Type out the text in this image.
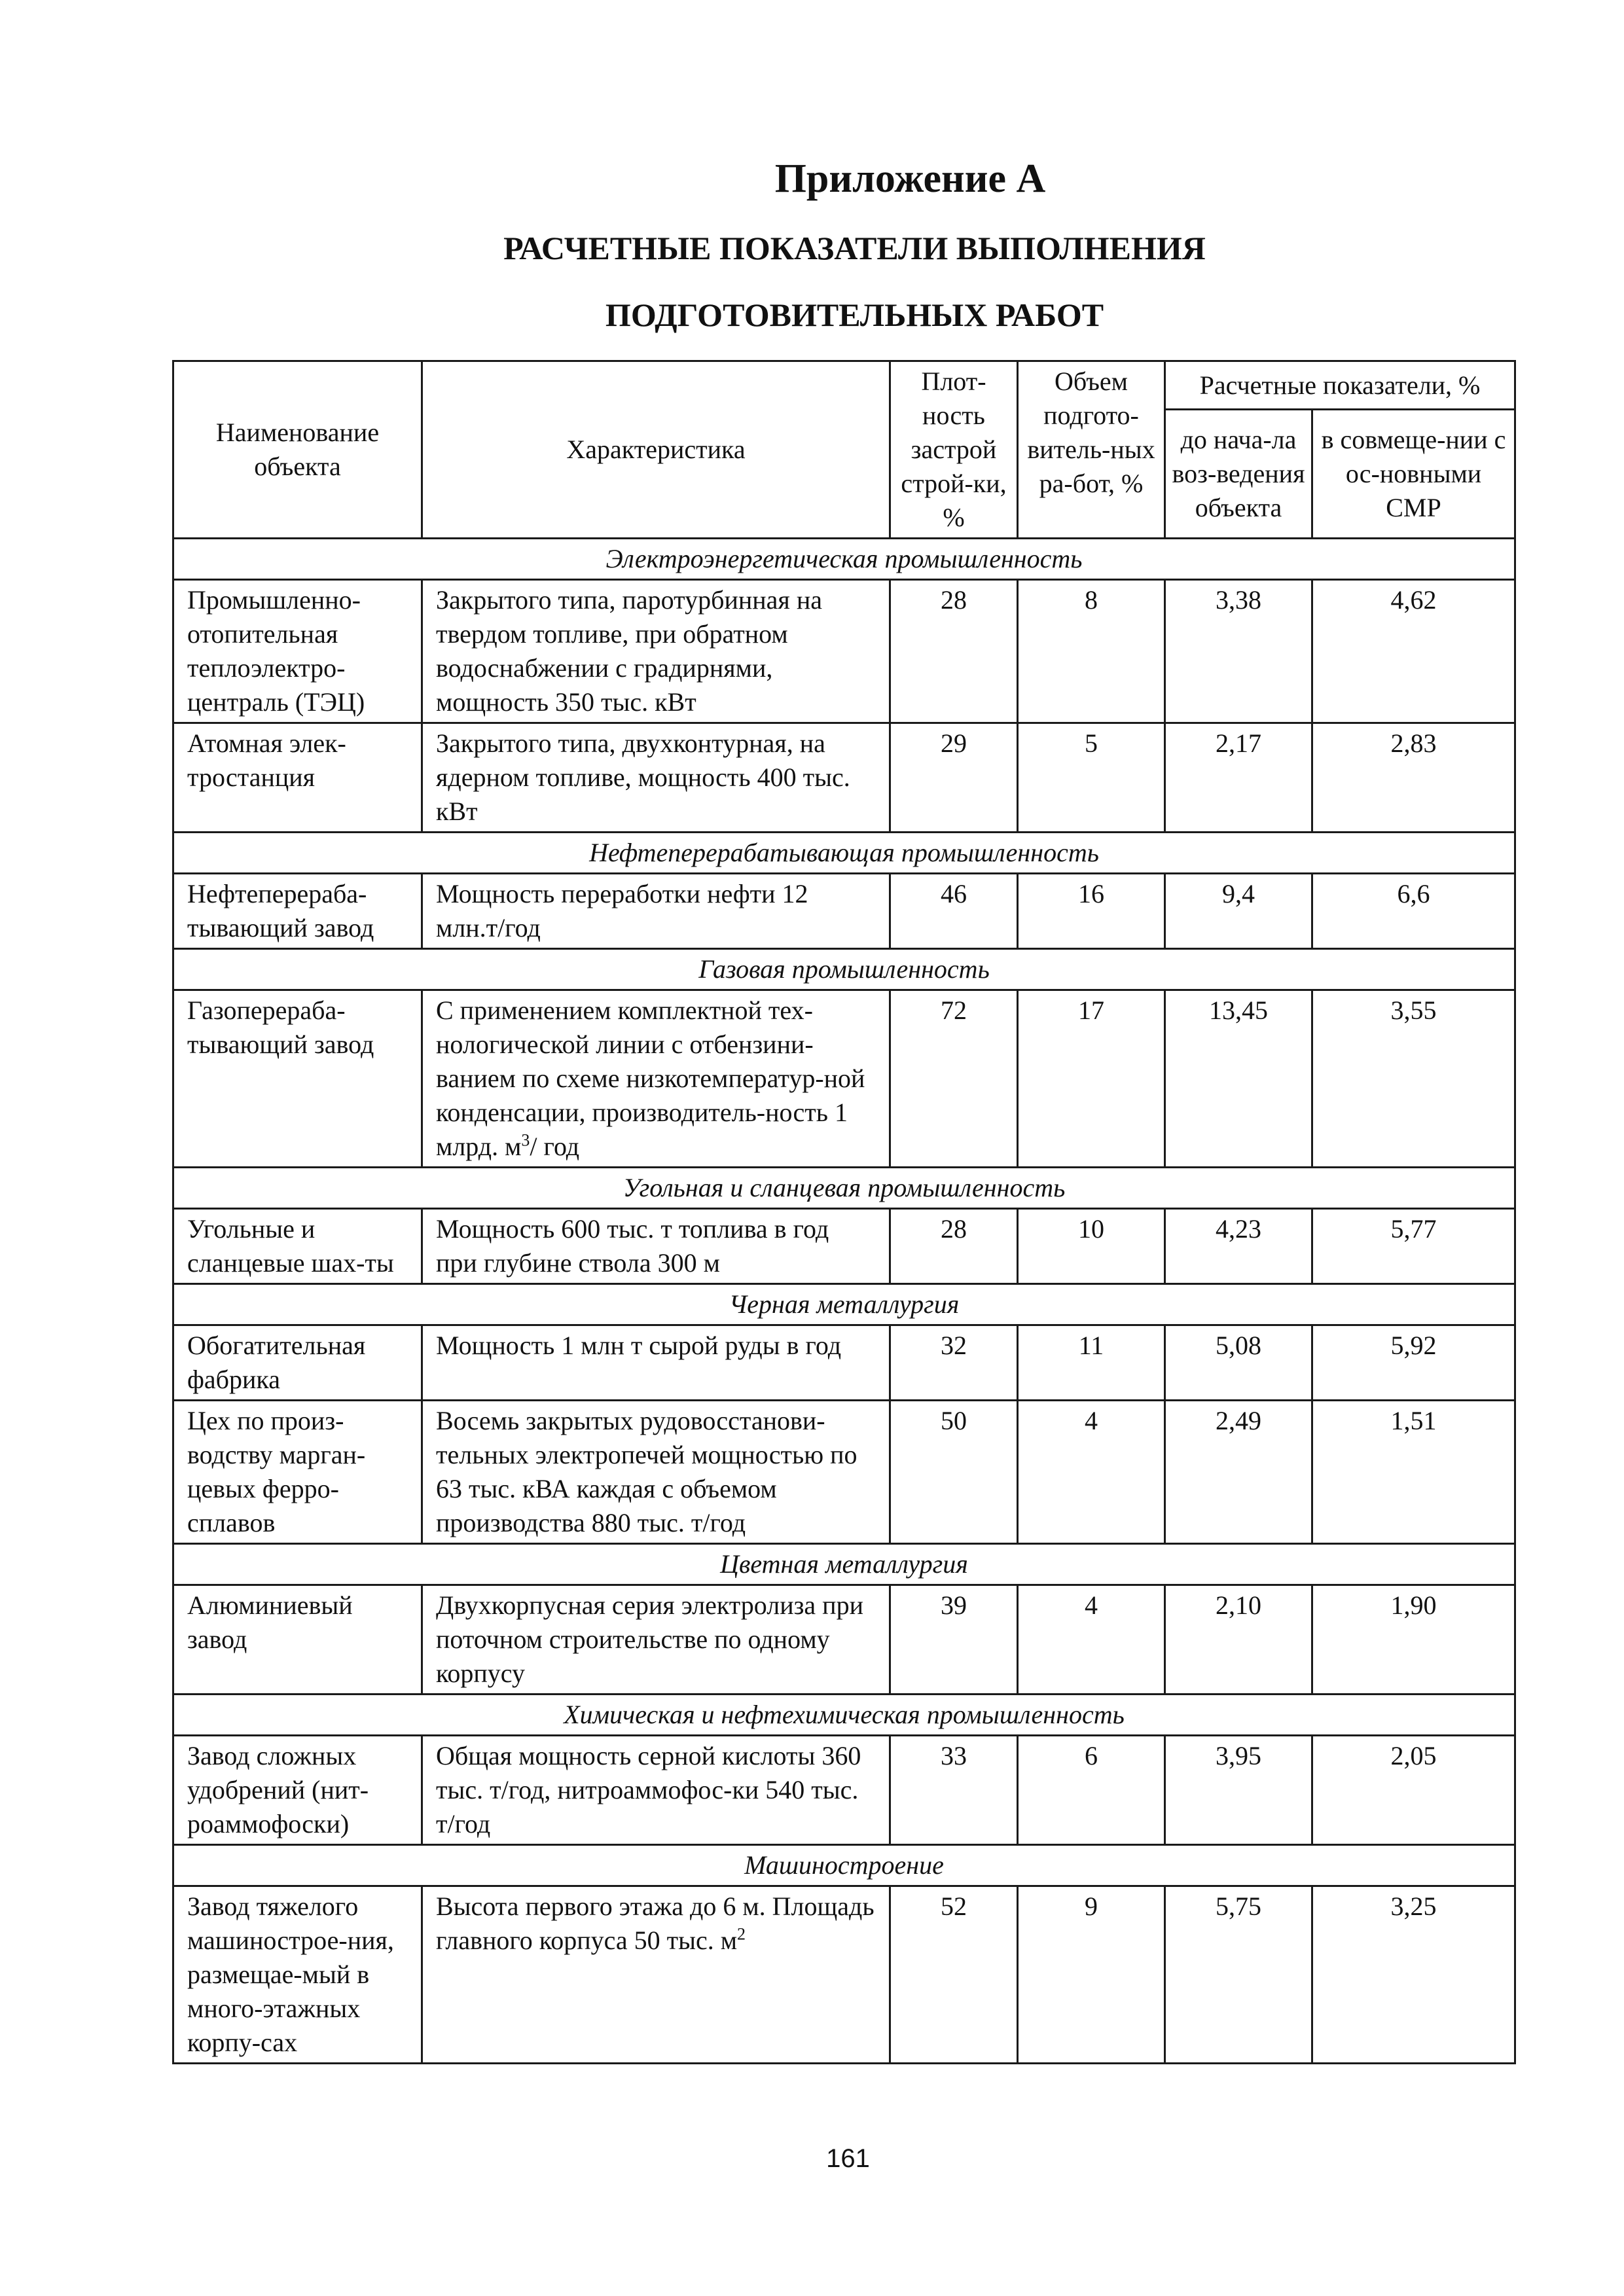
Приложение А
РАСЧЕТНЫЕ ПОКАЗАТЕЛИ ВЫПОЛНЕНИЯ
ПОДГОТОВИТЕЛЬНЫХ РАБОТ
Наименование объекта	Характеристика	Плот-ность застрой строй-ки, %	Объем подгото-витель-ных ра-бот, %	Расчетные показатели, %	
				до нача-ла воз-ведения объекта	в совмеще-нии с ос-новными СМР
Электроэнергетическая промышленность					
Промышленно-отопительная теплоэлектро-централь (ТЭЦ)	Закрытого типа, паротурбинная на твердом топливе, при обратном водоснабжении с градирнями, мощность 350 тыс. кВт	28	8	3,38	4,62
Атомная элек-тростанция	Закрытого типа, двухконтурная, на ядерном топливе, мощность 400 тыс. кВт	29	5	2,17	2,83
Нефтеперерабатывающая промышленность					
Нефтеперераба-тывающий завод	Мощность переработки нефти 12 млн.т/год	46	16	9,4	6,6
Газовая промышленность					
Газоперераба-тывающий завод	С применением комплектной тех-нологической линии с отбензини-ванием по схеме низкотемператур-ной конденсации, производитель-ность 1 млрд. $м^3/$ год	72	17	13,45	3,55
Угольная и сланцевая промышленность					
Угольные и сланцевые шах-ты	Мощность 600 тыс. т топлива в год при глубине ствола 300 м	28	10	4,23	5,77
Черная металлургия					
Обогатительная фабрика	Мощность 1 млн т сырой руды в год	32	11	5,08	5,92
Цех по произ-водству марган-цевых ферро-сплавов	Восемь закрытых рудовосстанови-тельных электропечей мощностью по 63 тыс. кВА каждая с объемом производства 880 тыс. т/год	50	4	2,49	1,51
Цветная металлургия					
Алюминиевый завод	Двухкорпусная серия электролиза при поточном строительстве по одному корпусу	39	4	2,10	1,90
Химическая и нефтехимическая промышленность					
Завод сложных удобрений (нит-роаммофоски)	Общая мощность серной кислоты 360 тыс. т/год, нитроаммофос-ки 540 тыс. т/год	33	6	3,95	2,05
Машиностроение					
Завод тяжелого машинострое-ния, размещае-мый в много-этажных корпу-сах	Высота первого этажа до 6 м. Площадь главного корпуса 50 тыс. $м^2$	52	9	5,75	3,25
161
